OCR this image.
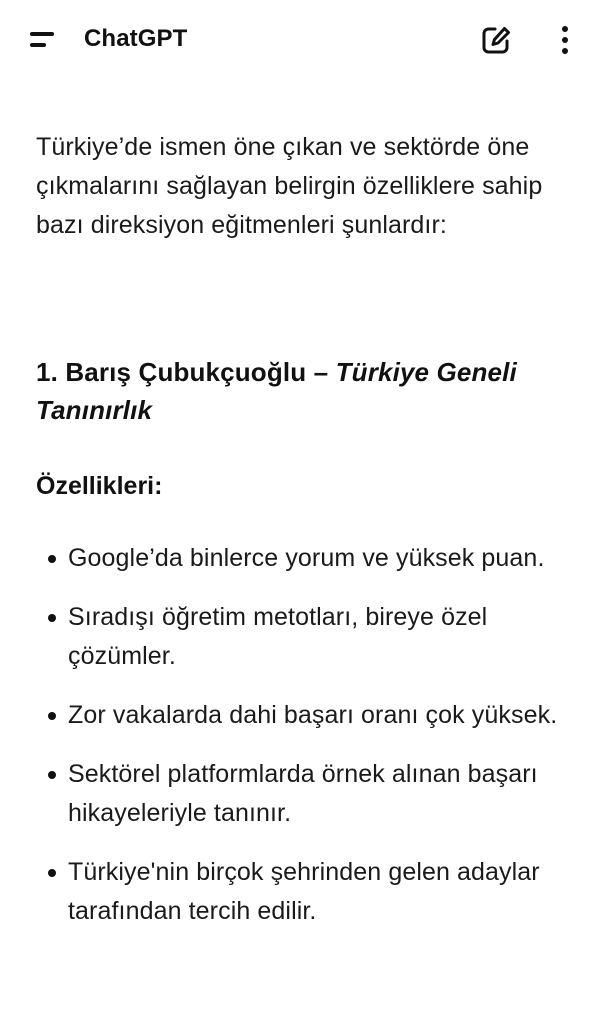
ChatGPT

Türkiye’de ismen öne çıkan ve sektörde öne çıkmalarını sağlayan belirgin özelliklere sahip bazı direksiyon eğitmenleri şunlardır:

1. Barış Çubukçuoğlu – Türkiye Geneli Tanınırlık

Özellikleri:

Google’da binlerce yorum ve yüksek puan.
Sıradışı öğretim metotları, bireye özel çözümler.
Zor vakalarda dahi başarı oranı çok yüksek.
Sektörel platformlarda örnek alınan başarı hikayeleriyle tanınır.
Türkiye'nin birçok şehrinden gelen adaylar tarafından tercih edilir.
